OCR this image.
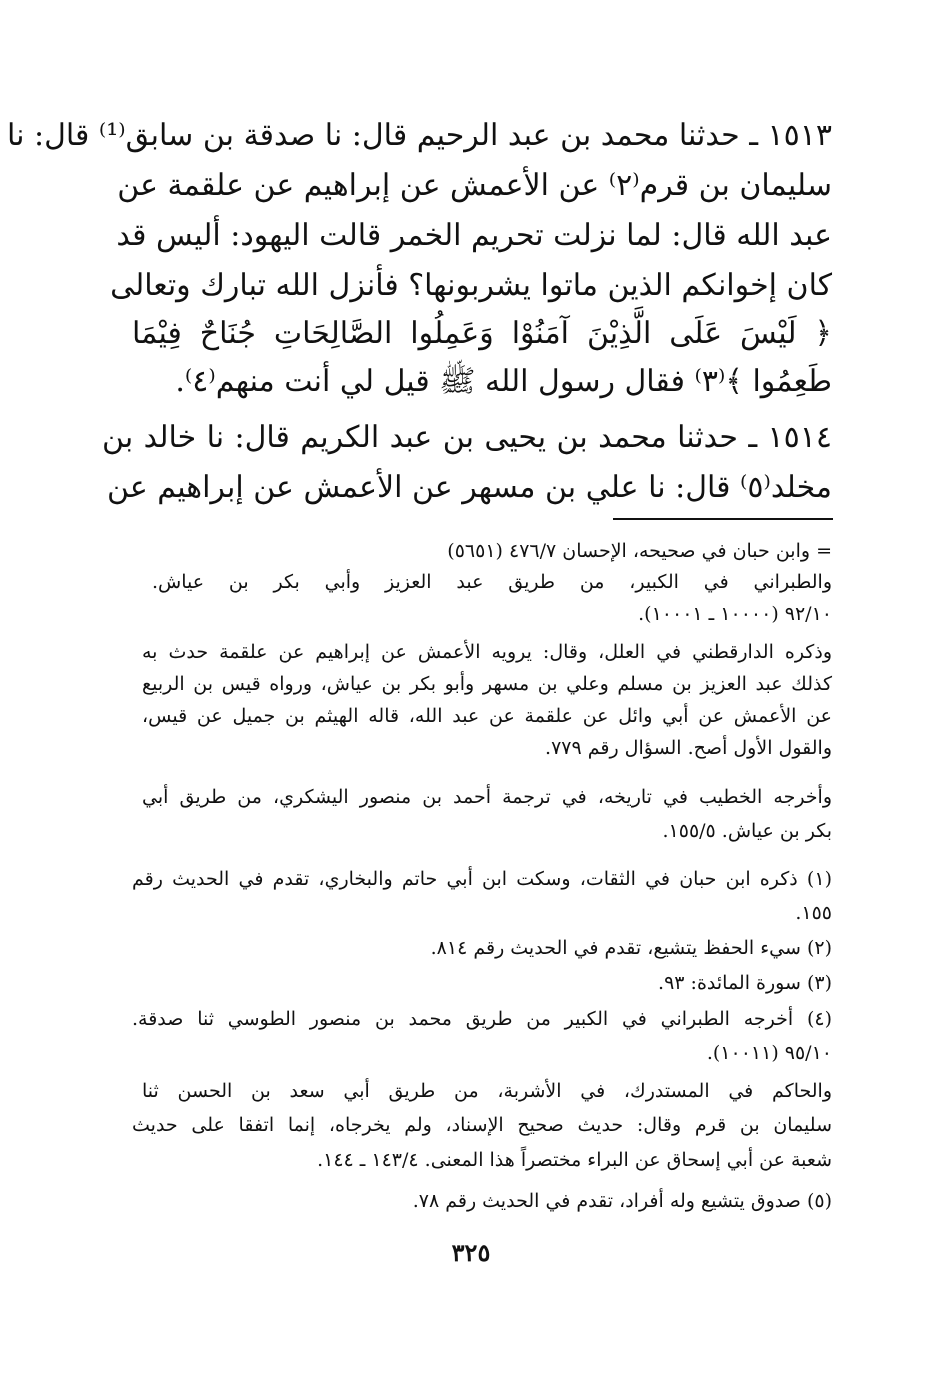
١٥١٣ ـ حدثنا محمد بن عبد الرحيم قال: نا صدقة بن سابق⁽¹⁾ قال: نا
سليمان بن قرم⁽٢⁾ عن الأعمش عن إبراهيم عن علقمة عن
عبد الله قال: لما نزلت تحريم الخمر قالت اليهود: أليس قد
كان إخوانكم الذين ماتوا يشربونها؟ فأنزل الله تبارك وتعالى
﴿ لَيْسَ عَلَى الَّذِيْنَ آمَنُوْا وَعَمِلُوا الصَّالِحَاتِ جُنَاحٌ فِيْمَا
طَعِمُوا ﴾⁽٣⁾ فقال رسول الله ﷺ قيل لي أنت منهم⁽٤⁾.
١٥١٤ ـ حدثنا محمد بن يحيى بن عبد الكريم قال: نا خالد بن
مخلد⁽٥⁾ قال: نا علي بن مسهر عن الأعمش عن إبراهيم عن
= وابن حبان في صحيحه، الإحسان ٤٧٦/٧ (٥٦٥١)
والطبراني في الكبير، من طريق عبد العزيز وأبي بكر بن عياش.
٩٢/١٠ (١٠٠٠٠ ـ ١٠٠٠١).
وذكره الدارقطني في العلل، وقال: يرويه الأعمش عن إبراهيم عن علقمة حدث به
كذلك عبد العزيز بن مسلم وعلي بن مسهر وأبو بكر بن عياش، ورواه قيس بن الربيع
عن الأعمش عن أبي وائل عن علقمة عن عبد الله، قاله الهيثم بن جميل عن قيس،
والقول الأول أصح. السؤال رقم ٧٧٩.
وأخرجه الخطيب في تاريخه، في ترجمة أحمد بن منصور اليشكري، من طريق أبي
بكر بن عياش. ١٥٥/٥.
(١) ذكره ابن حبان في الثقات، وسكت ابن أبي حاتم والبخاري، تقدم في الحديث رقم
١٥٥.
(٢) سيء الحفظ يتشيع، تقدم في الحديث رقم ٨١٤.
(٣) سورة المائدة: ٩٣.
(٤) أخرجه الطبراني في الكبير من طريق محمد بن منصور الطوسي ثنا صدقة.
٩٥/١٠ (١٠٠١١).
والحاكم في المستدرك، في الأشربة، من طريق أبي سعد بن الحسن ثنا
سليمان بن قرم وقال: حديث صحيح الإسناد، ولم يخرجاه، إنما اتفقا على حديث
شعبة عن أبي إسحاق عن البراء مختصراً هذا المعنى. ١٤٣/٤ ـ ١٤٤.
(٥) صدوق يتشيع وله أفراد، تقدم في الحديث رقم ٧٨.
٣٢٥
